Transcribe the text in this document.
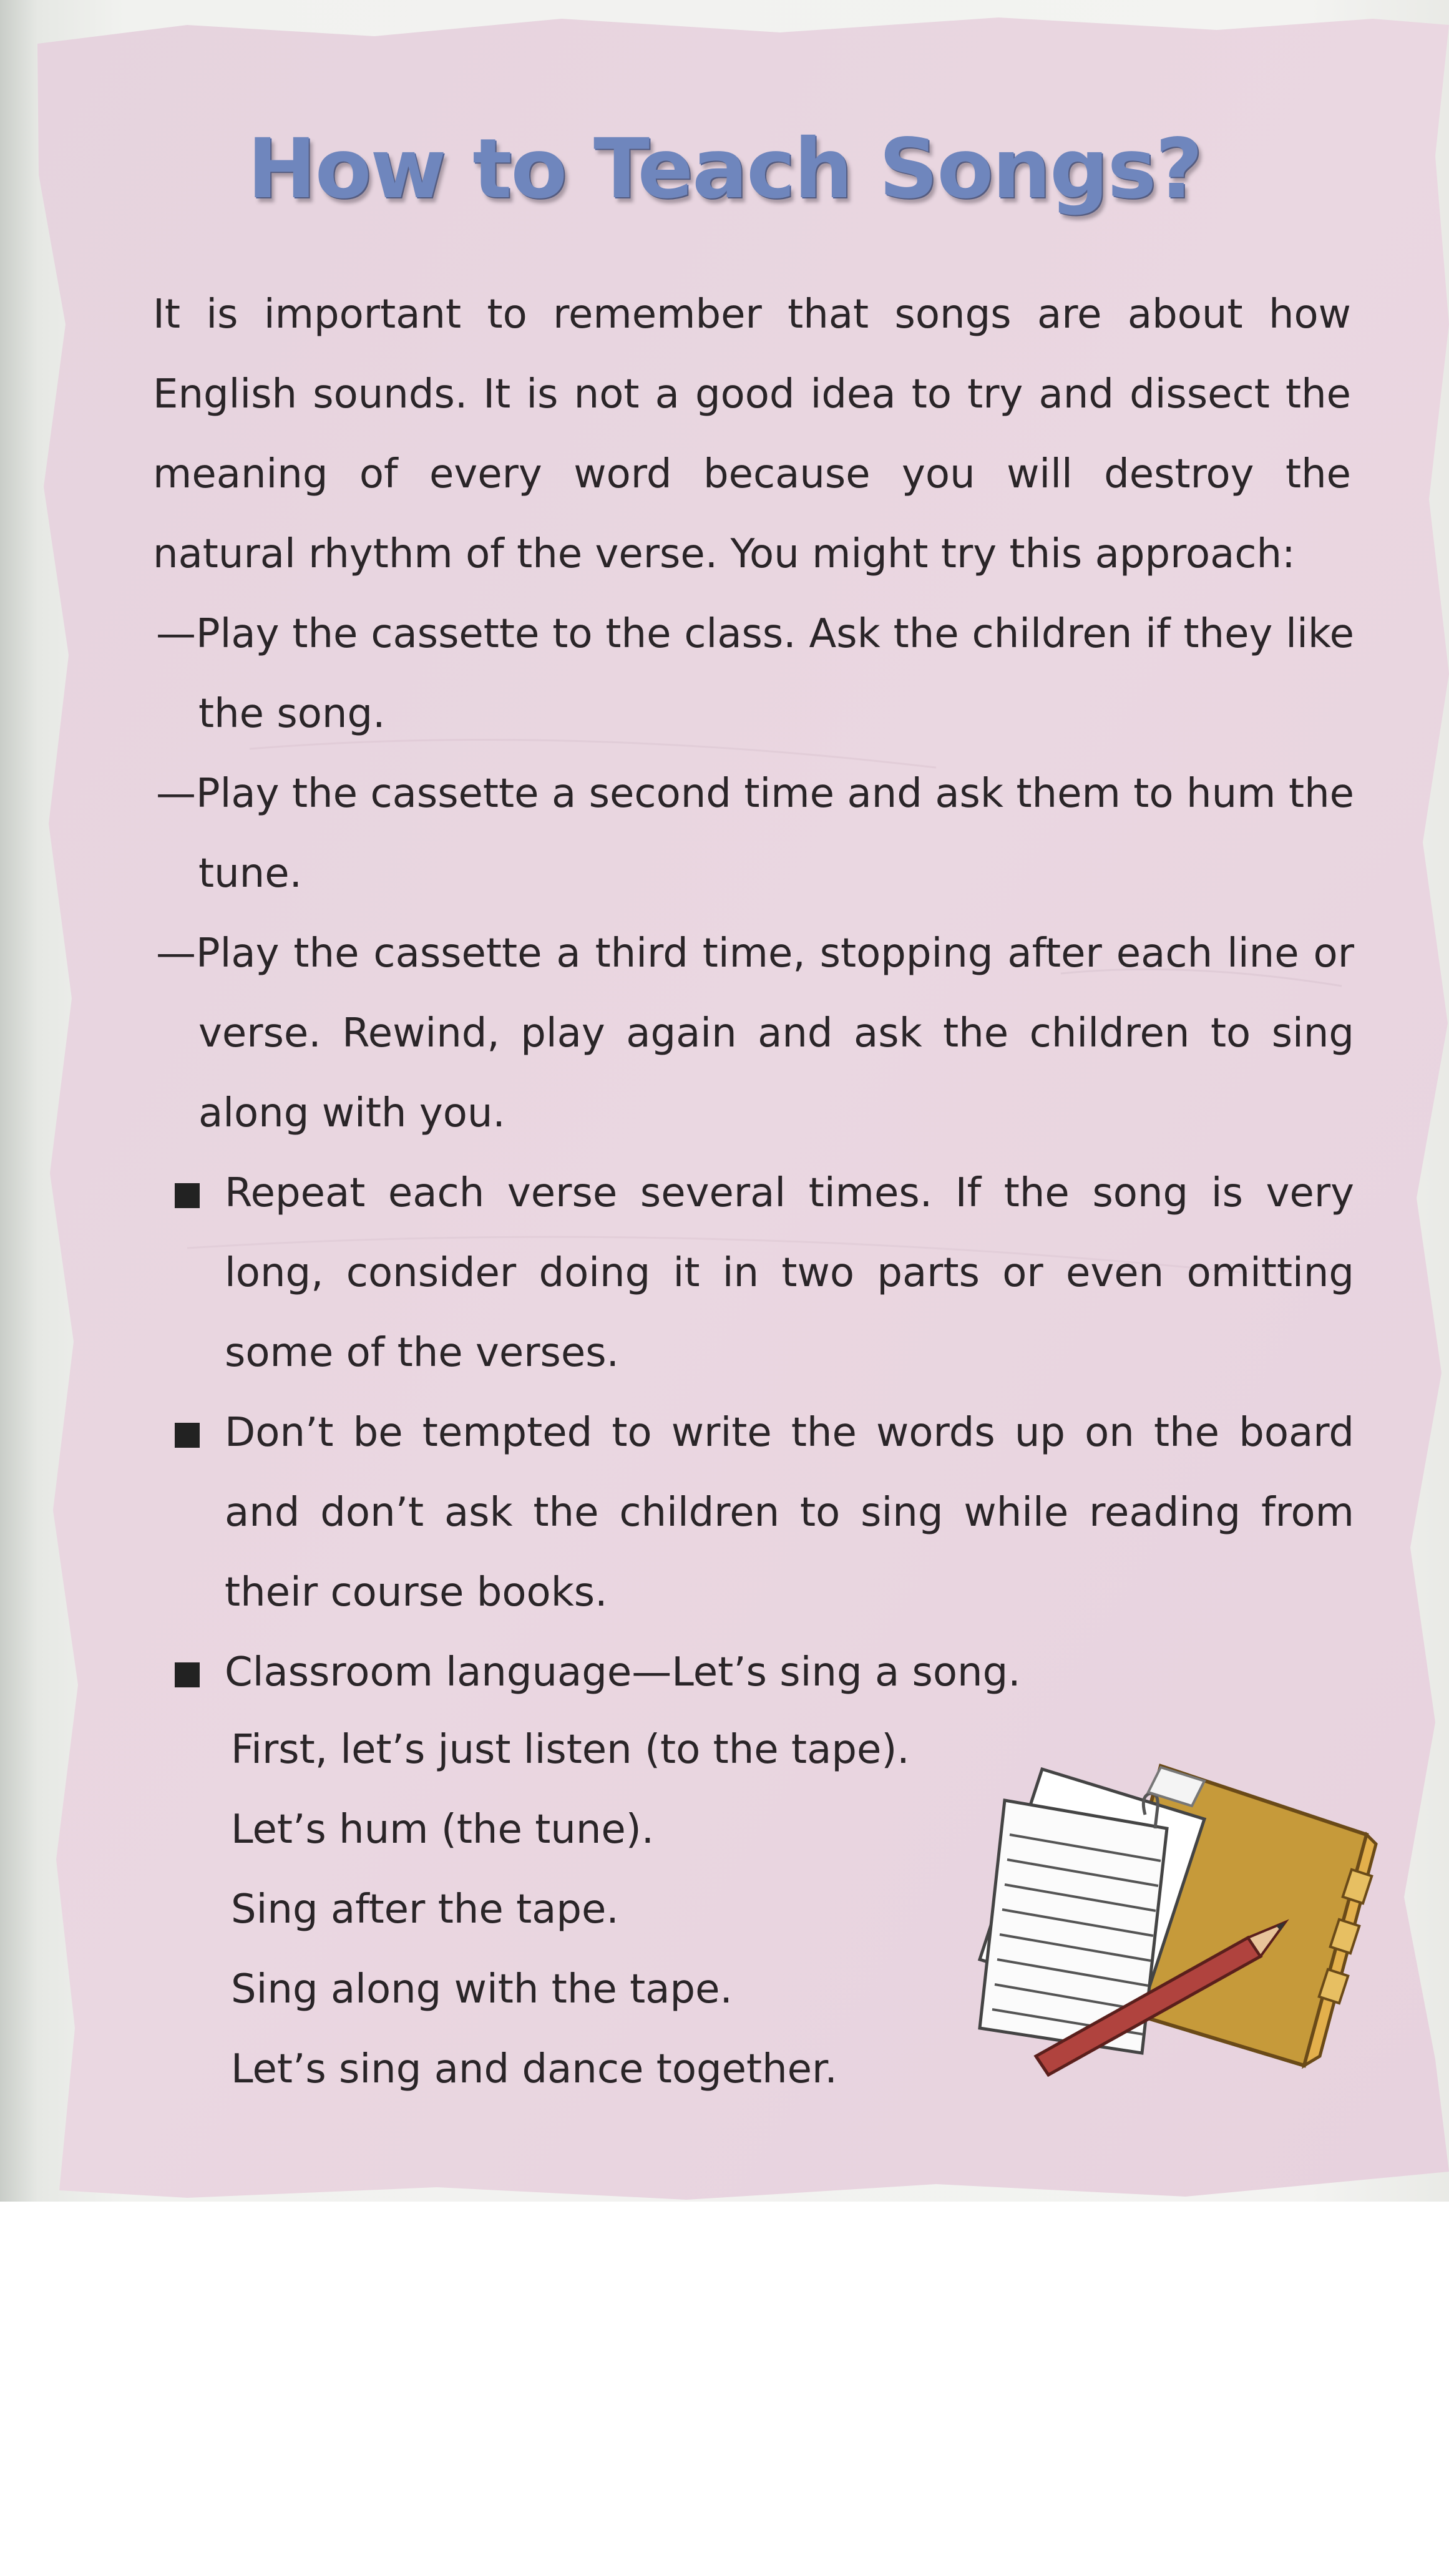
How to Teach Songs?
It is important to remember that songs are about how English sounds. It is not a good idea to try and dissect the meaning of every word because you will destroy the natural rhythm of the verse. You might try this approach:
—Play the cassette to the class. Ask the children if they like the song.
—Play the cassette a second time and ask them to hum the tune.
—Play the cassette a third time, stopping after each line or verse. Rewind, play again and ask the children to sing along with you.
Repeat each verse several times. If the song is very long, consider doing it in two parts or even omitting some of the verses.
Don’t be tempted to write the words up on the board and don’t ask the children to sing while reading from their course books.
Classroom language—Let’s sing a song.
First, let’s just listen (to the tape).
Let’s hum (the tune).
Sing after the tape.
Sing along with the tape.
Let’s sing and dance together.
